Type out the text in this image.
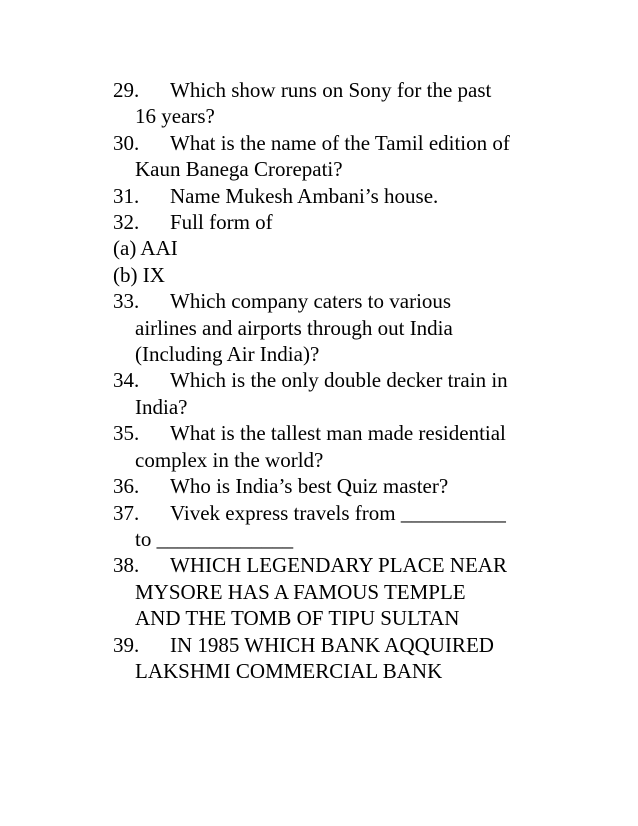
29. Which show runs on Sony for the past
16 years?
30. What is the name of the Tamil edition of
Kaun Banega Crorepati?
31. Name Mukesh Ambani’s house.
32. Full form of
(a) AAI
(b) IX
33. Which company caters to various
airlines and airports through out India
(Including Air India)?
34. Which is the only double decker train in
India?
35. What is the tallest man made residential
complex in the world?
36. Who is India’s best Quiz master?
37. Vivek express travels from __________
to _____________
38. WHICH LEGENDARY PLACE NEAR
MYSORE HAS A FAMOUS TEMPLE
AND THE TOMB OF TIPU SULTAN
39. IN 1985 WHICH BANK AQQUIRED
LAKSHMI COMMERCIAL BANK
